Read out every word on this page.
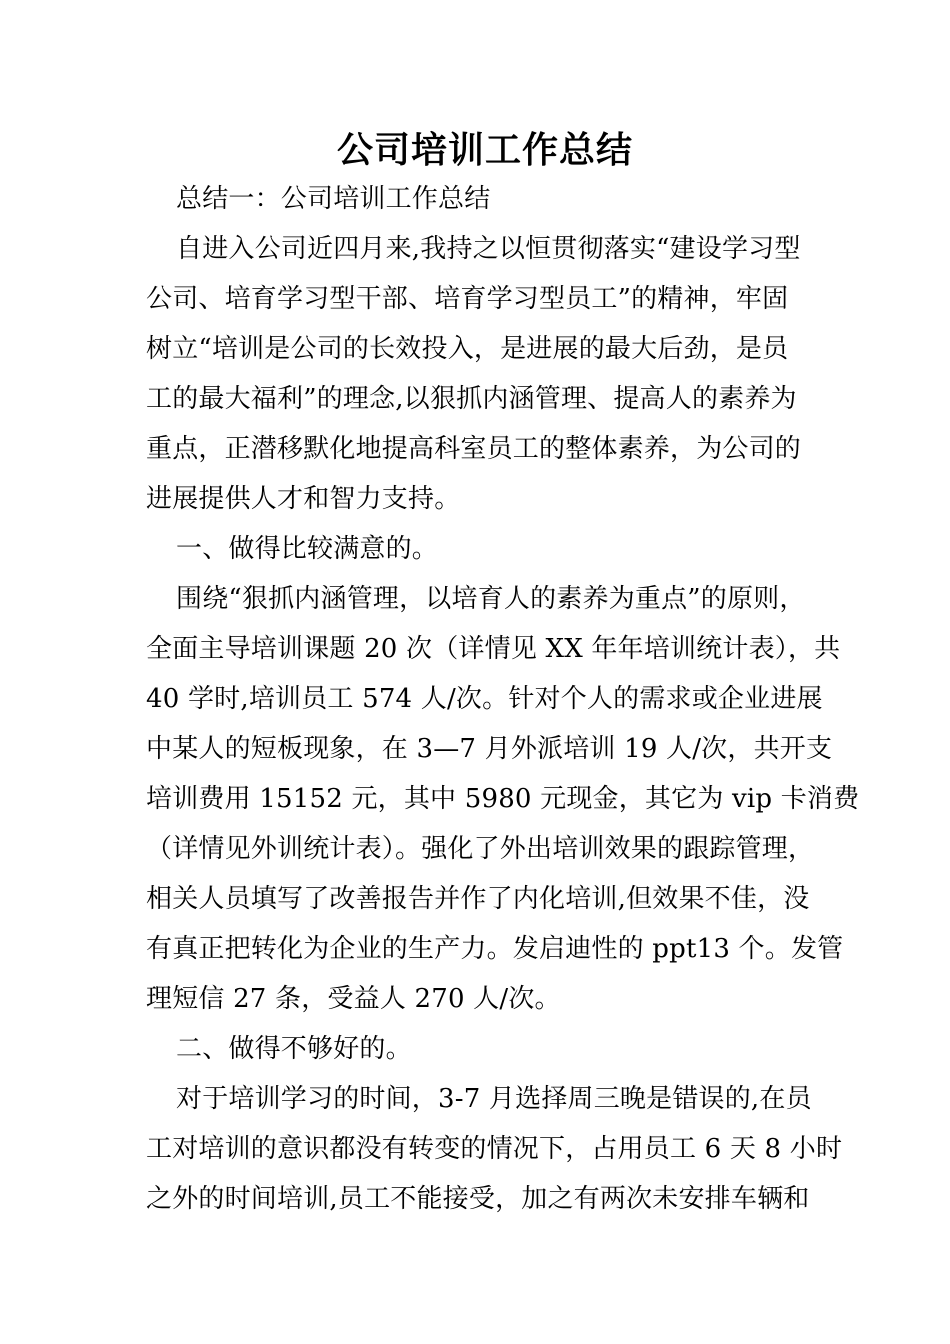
公司培训工作总结
总结一：公司培训工作总结
自进入公司近四月来,我持之以恒贯彻落实“建设学习型
公司、培育学习型干部、培育学习型员工”的精神，牢固
树立“培训是公司的长效投入，是进展的最大后劲，是员
工的最大福利”的理念,以狠抓内涵管理、提高人的素养为
重点，正潜移默化地提高科室员工的整体素养，为公司的
进展提供人才和智力支持。
一、做得比较满意的。
围绕“狠抓内涵管理，以培育人的素养为重点”的原则，
全面主导培训课题 20 次（详情见 XX 年年培训统计表），共
40 学时,培训员工 574 人/次。针对个人的需求或企业进展
中某人的短板现象，在 3—7 月外派培训 19 人/次，共开支
培训费用 15152 元，其中 5980 元现金，其它为 vip 卡消费
（详情见外训统计表）。强化了外出培训效果的跟踪管理，
相关人员填写了改善报告并作了内化培训,但效果不佳，没
有真正把转化为企业的生产力。发启迪性的 ppt13 个。发管
理短信 27 条，受益人 270 人/次。
二、做得不够好的。
对于培训学习的时间，3-7 月选择周三晚是错误的,在员
工对培训的意识都没有转变的情况下，占用员工 6 天 8 小时
之外的时间培训,员工不能接受，加之有两次未安排车辆和
